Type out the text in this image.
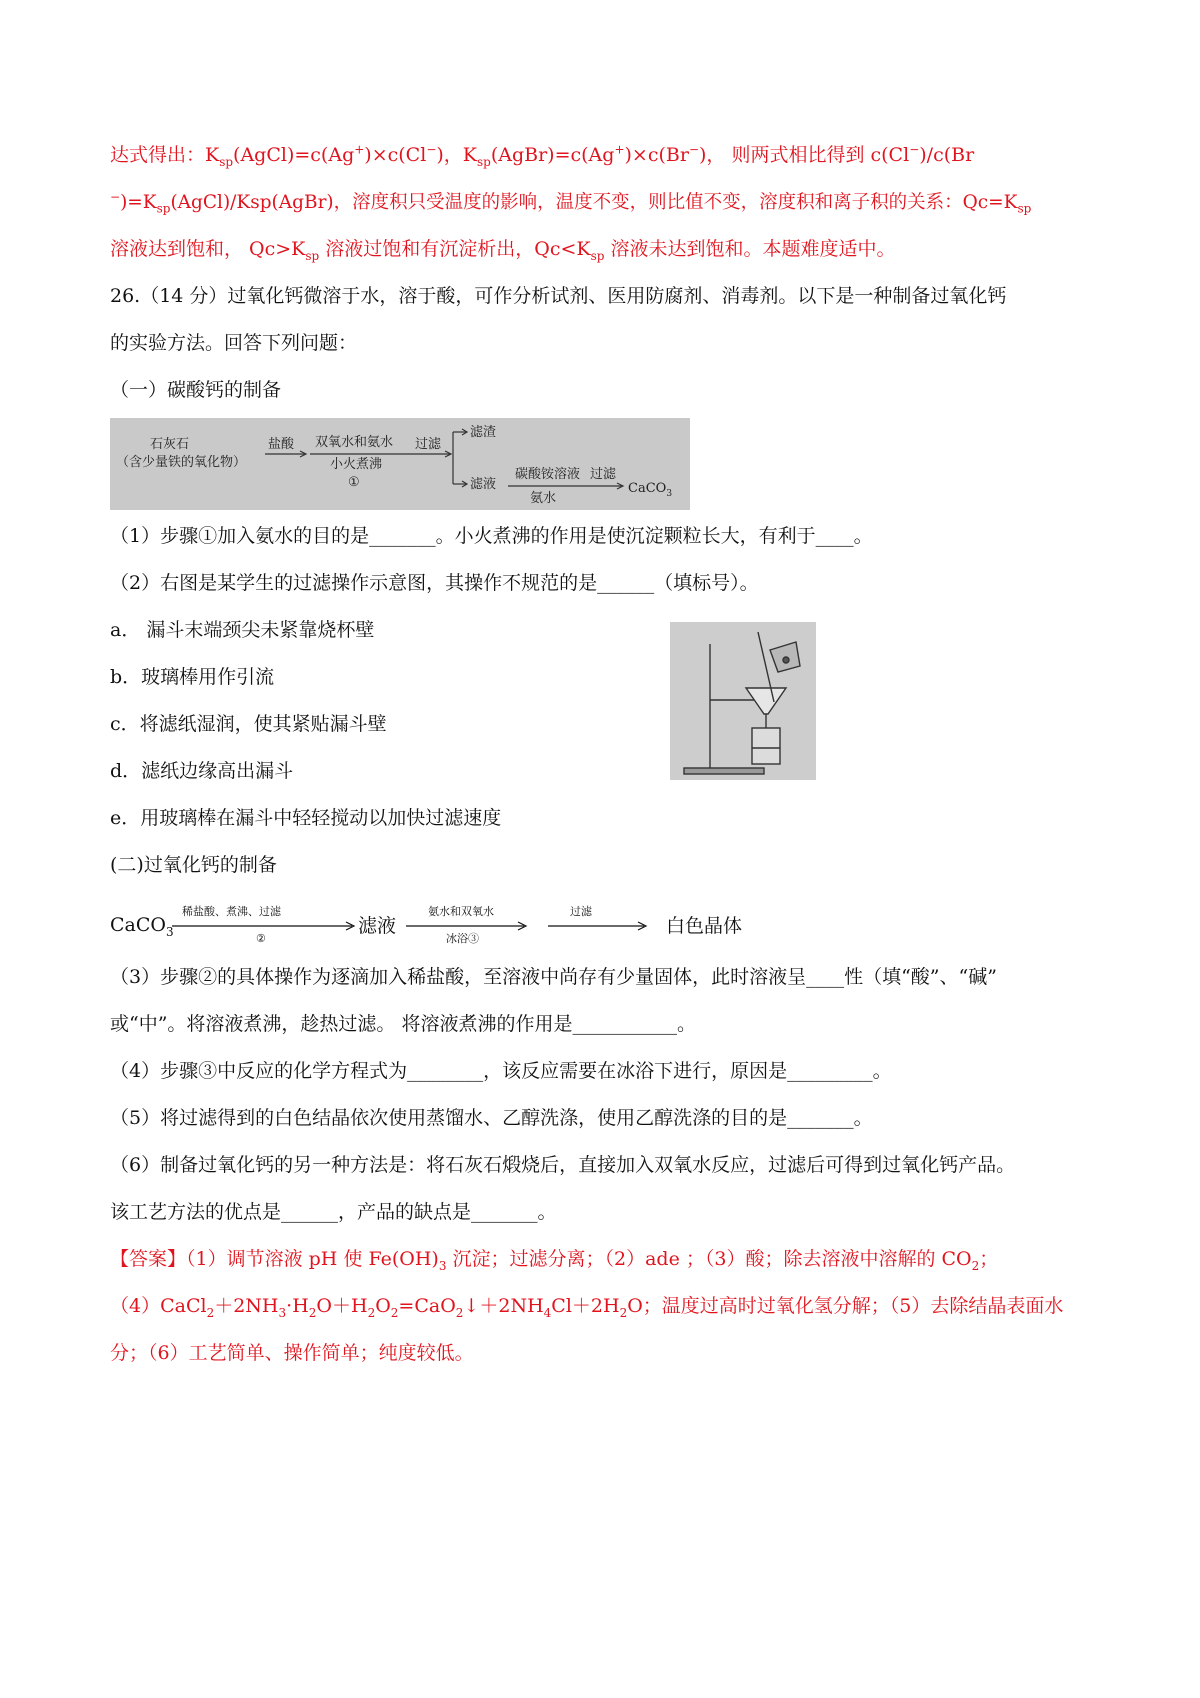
达式得出：$K_{sp}(AgCl)=c(Ag^+)\times c(Cl^-)$，$K_{sp}(AgBr)=c(Ag^+)\times c(Br^-)$， 则两式相比得到 c(Cl−)/c(Br
$^-)=K_{sp}(AgCl)/Ksp(AgBr)$，溶度积只受温度的影响，温度不变，则比值不变，溶度积和离子积的关系：$Qc=K_{sp}$
溶液达到饱和， $Qc>K_{sp}$ 溶液过饱和有沉淀析出，$Qc<K_{sp}$ 溶液未达到饱和。本题难度适中。
26.（14 分）过氧化钙微溶于水，溶于酸，可作分析试剂、医用防腐剂、消毒剂。以下是一种制备过氧化钙
的实验方法。回答下列问题：
（一）碳酸钙的制备
石灰石
（含少量铁的氧化物）
盐酸 双氧水和氨水
小火煮沸
①
过滤
滤渣
滤液
碳酸铵溶液
氨水
过滤
CaCO$_3$
（1）步骤①加入氨水的目的是_______。小火煮沸的作用是使沉淀颗粒长大，有利于____。
（2）右图是某学生的过滤操作示意图，其操作不规范的是______（填标号）。
a． 漏斗末端颈尖未紧靠烧杯壁
b．玻璃棒用作引流
c．将滤纸湿润，使其紧贴漏斗壁
d．滤纸边缘高出漏斗
e．用玻璃棒在漏斗中轻轻搅动以加快过滤速度
(二)过氧化钙的制备
CaCO$_3$
稀盐酸、煮沸、过滤
②
滤液
氨水和双氧水
冰浴③
过滤
白色晶体
（3）步骤②的具体操作为逐滴加入稀盐酸，至溶液中尚存有少量固体，此时溶液呈____性（填“酸”、“碱”
或“中”。将溶液煮沸，趁热过滤。 将溶液煮沸的作用是___________。
（4）步骤③中反应的化学方程式为________，该反应需要在冰浴下进行，原因是_________。
（5）将过滤得到的白色结晶依次使用蒸馏水、乙醇洗涤，使用乙醇洗涤的目的是_______。
（6）制备过氧化钙的另一种方法是：将石灰石煅烧后，直接加入双氧水反应，过滤后可得到过氧化钙产品。
该工艺方法的优点是______，产品的缺点是_______。
【答案】（1）调节溶液 pH 使 $Fe(OH)_3$ 沉淀；过滤分离；（2）ade ；（3）酸；除去溶液中溶解的 $CO_2$；
$(4)CaCl_2+2NH_3\cdot H_2O+H_2O_2=CaO_2↓+2NH_4Cl+2H_2O$；温度过高时过氧化氢分解；（5）去除结晶表面水
分；（6）工艺简单、操作简单；纯度较低。
